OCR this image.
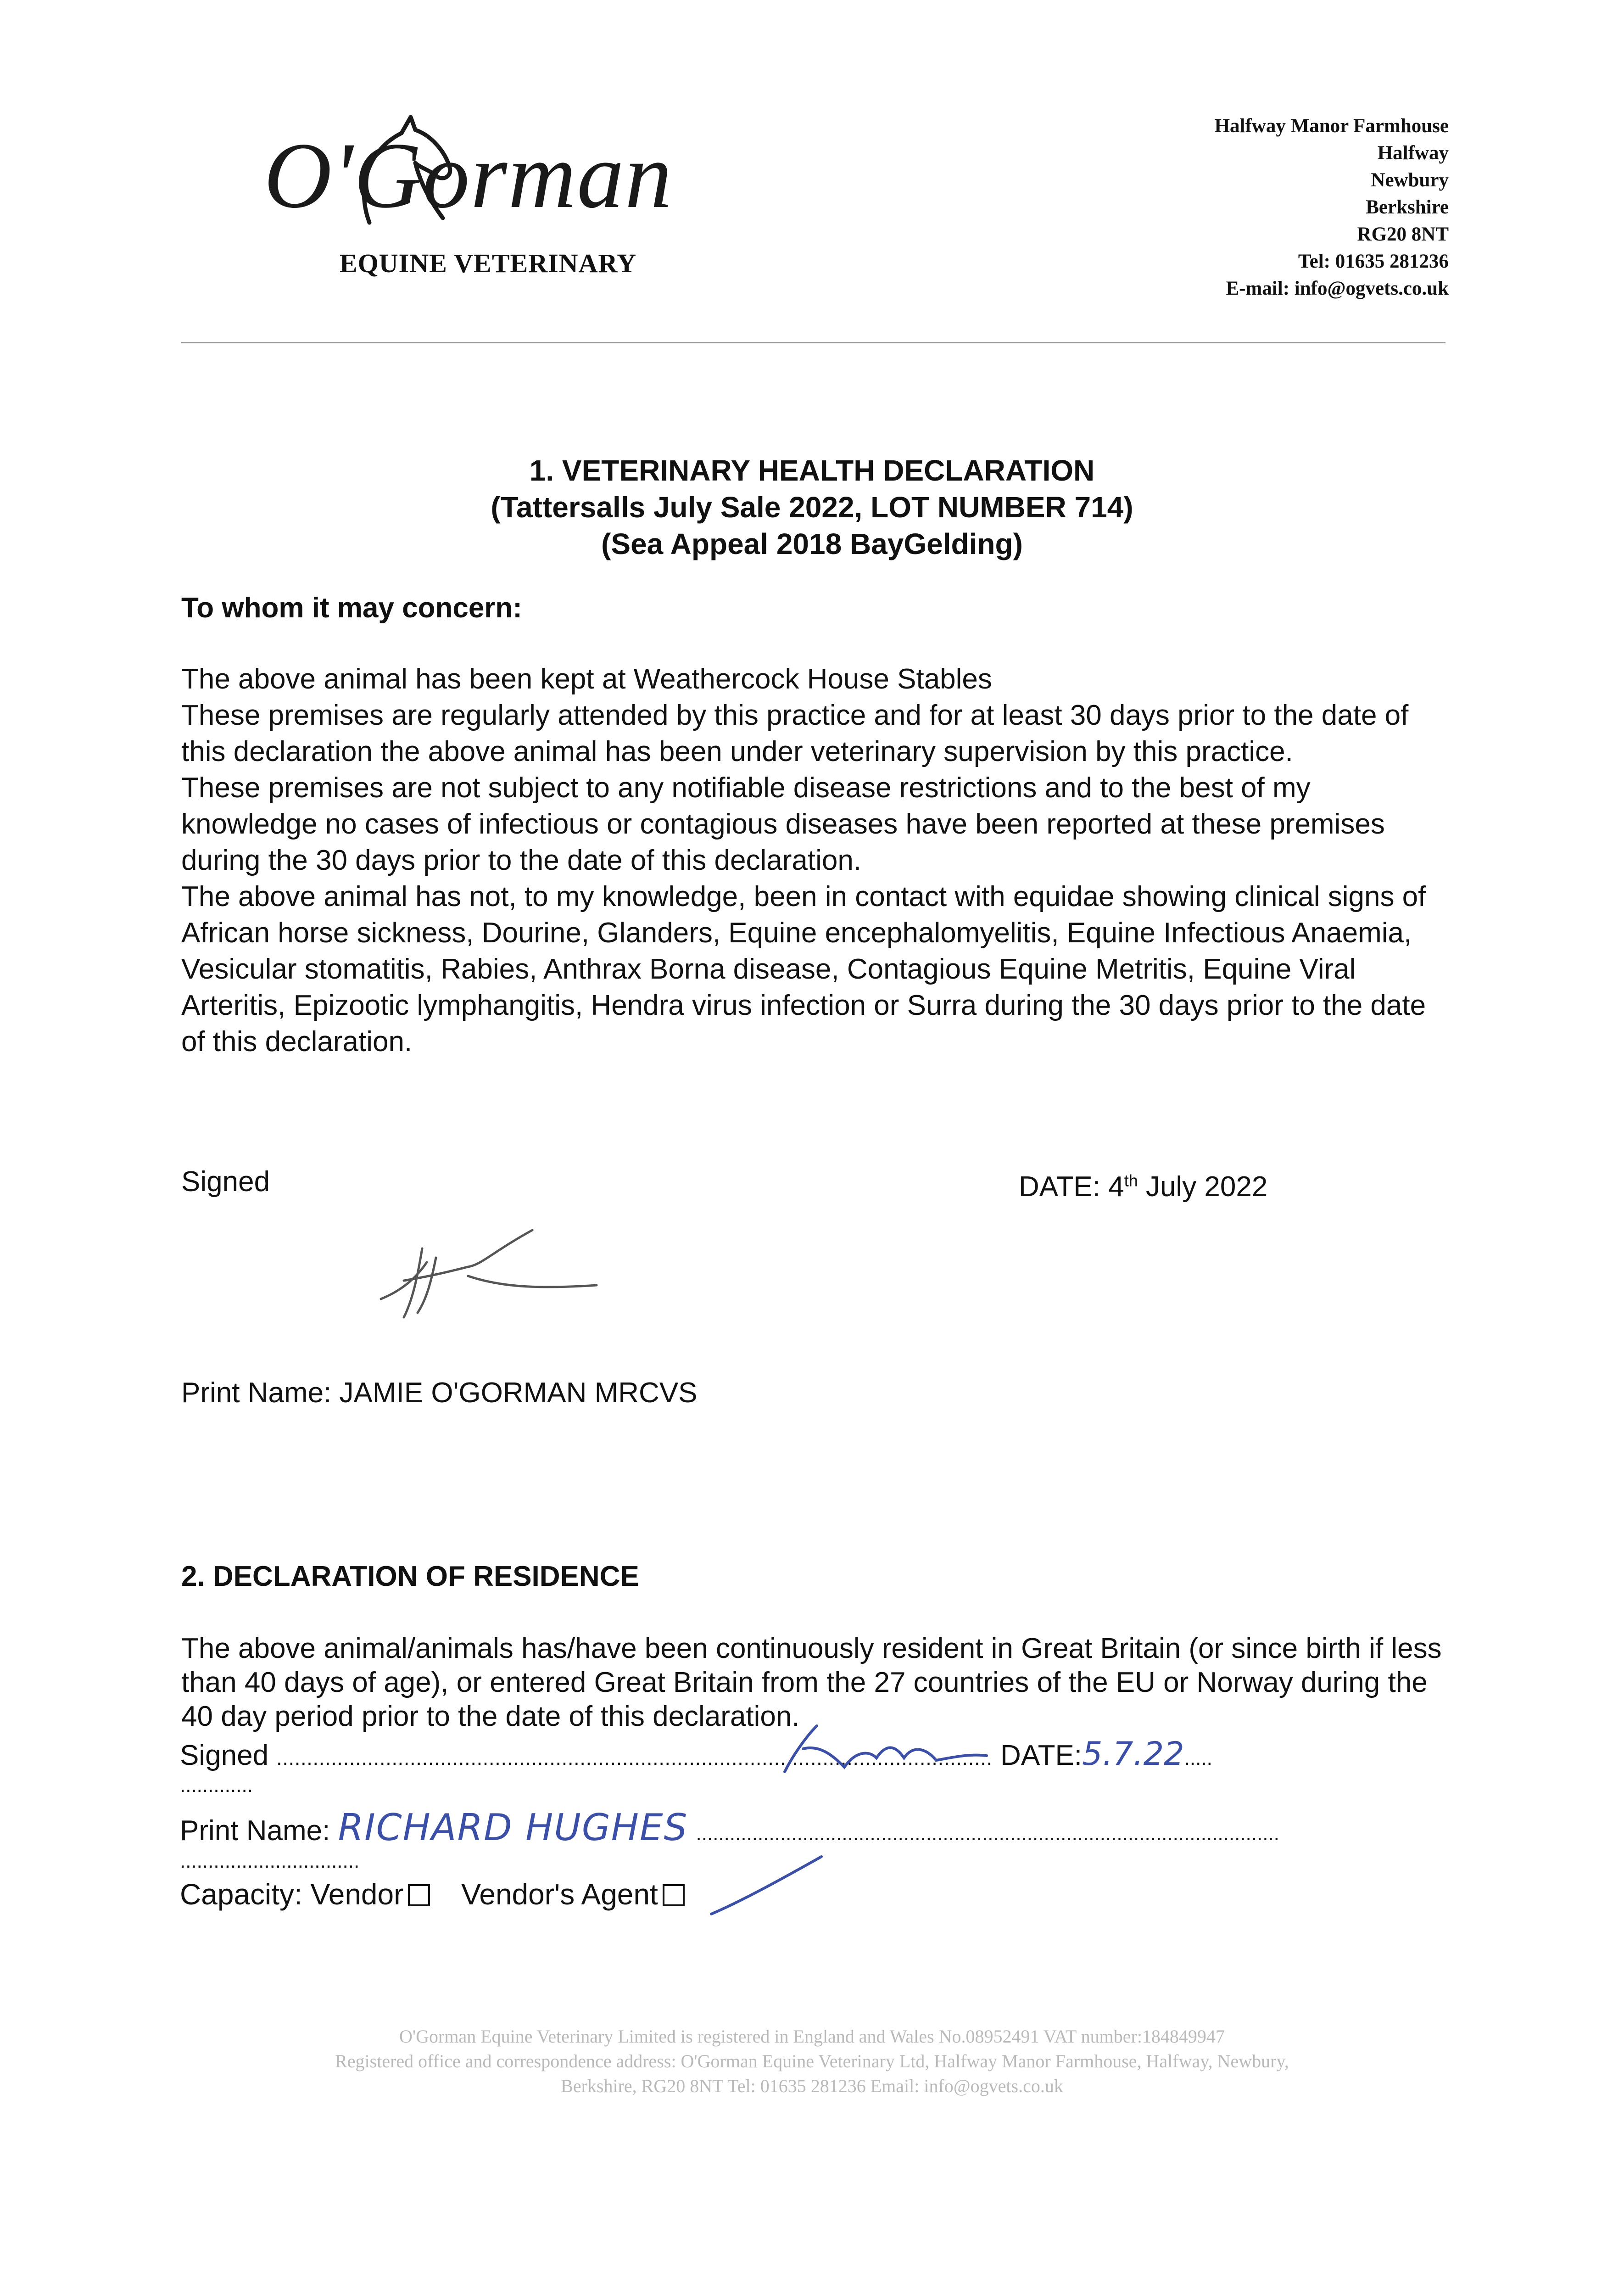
O'Gorman
EQUINE VETERINARY
Halfway Manor Farmhouse
Halfway
Newbury
Berkshire
RG20 8NT
Tel: 01635 281236
E-mail: info@ogvets.co.uk
1. VETERINARY HEALTH DECLARATION
(Tattersalls July Sale 2022, LOT NUMBER 714)
(Sea Appeal 2018 BayGelding)
To whom it may concern:
The above animal has been kept at Weathercock House Stables
These premises are regularly attended by this practice and for at least 30 days prior to the date of this declaration the above animal has been under veterinary supervision by this practice.
These premises are not subject to any notifiable disease restrictions and to the best of my knowledge no cases of infectious or contagious diseases have been reported at these premises during the 30 days prior to the date of this declaration.
The above animal has not, to my knowledge, been in contact with equidae showing clinical signs of African horse sickness, Dourine, Glanders, Equine encephalomyelitis, Equine Infectious Anaemia, Vesicular stomatitis, Rabies, Anthrax Borna disease, Contagious Equine Metritis, Equine Viral Arteritis, Epizootic lymphangitis, Hendra virus infection or Surra during the 30 days prior to the date of this declaration.
Signed	DATE: 4th July 2022
Print Name: JAMIE O'GORMAN MRCVS
2. DECLARATION OF RESIDENCE
The above animal/animals has/have been continuously resident in Great Britain (or since birth if less than 40 days of age), or entered Great Britain from the 27 countries of the EU or Norway during the 40 day period prior to the date of this declaration.
Signed ...................................................................................................................... DATE:5.7.22.....
.............
Print Name: RICHARD HUGHES ........................................................................................................
................................
Capacity: Vendor Vendor's Agent
O'Gorman Equine Veterinary Limited is registered in England and Wales No.08952491 VAT number:184849947
Registered office and correspondence address: O'Gorman Equine Veterinary Ltd, Halfway Manor Farmhouse, Halfway, Newbury,
Berkshire, RG20 8NT Tel: 01635 281236 Email: info@ogvets.co.uk
